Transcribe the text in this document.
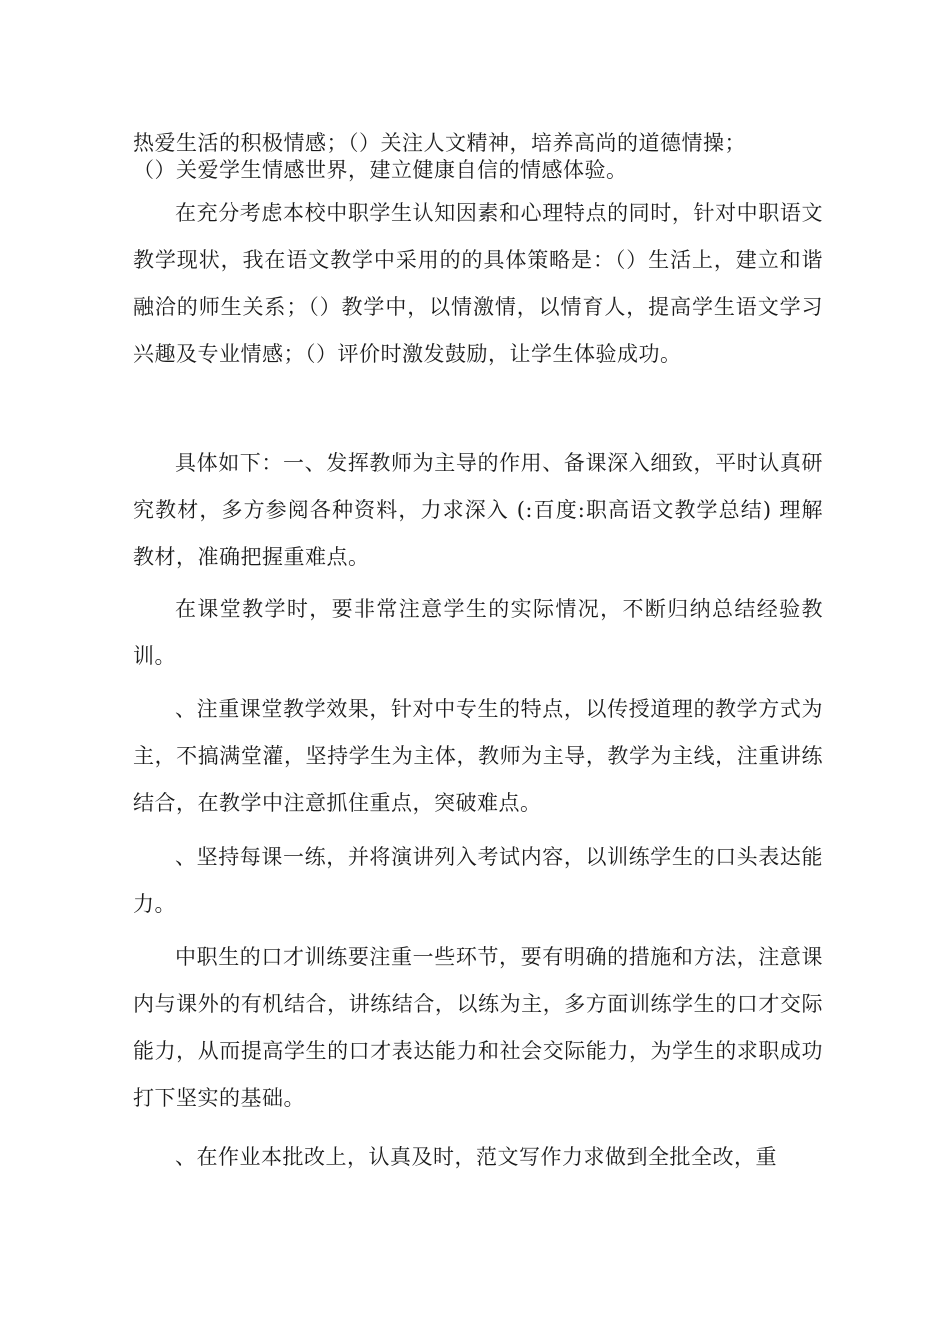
热爱生活的积极情感；（）关注人文精神，培养高尚的道德情操；

（）关爱学生情感世界，建立健康自信的情感体验。

在充分考虑本校中职学生认知因素和心理特点的同时，针对中职语文教学现状，我在语文教学中采用的的具体策略是：（）生活上，建立和谐融洽的师生关系；（）教学中，以情激情，以情育人，提高学生语文学习兴趣及专业情感；（）评价时激发鼓励，让学生体验成功。

具体如下：一、发挥教师为主导的作用、备课深入细致，平时认真研究教材，多方参阅各种资料，力求深入 (:百度:职高语文教学总结) 理解教材，准确把握重难点。

在课堂教学时，要非常注意学生的实际情况，不断归纳总结经验教训。

、注重课堂教学效果，针对中专生的特点，以传授道理的教学方式为主，不搞满堂灌，坚持学生为主体，教师为主导，教学为主线，注重讲练结合，在教学中注意抓住重点，突破难点。

、坚持每课一练，并将演讲列入考试内容，以训练学生的口头表达能力。

中职生的口才训练要注重一些环节，要有明确的措施和方法，注意课内与课外的有机结合，讲练结合，以练为主，多方面训练学生的口才交际能力，从而提高学生的口才表达能力和社会交际能力，为学生的求职成功打下坚实的基础。

、在作业本批改上，认真及时，范文写作力求做到全批全改，重
